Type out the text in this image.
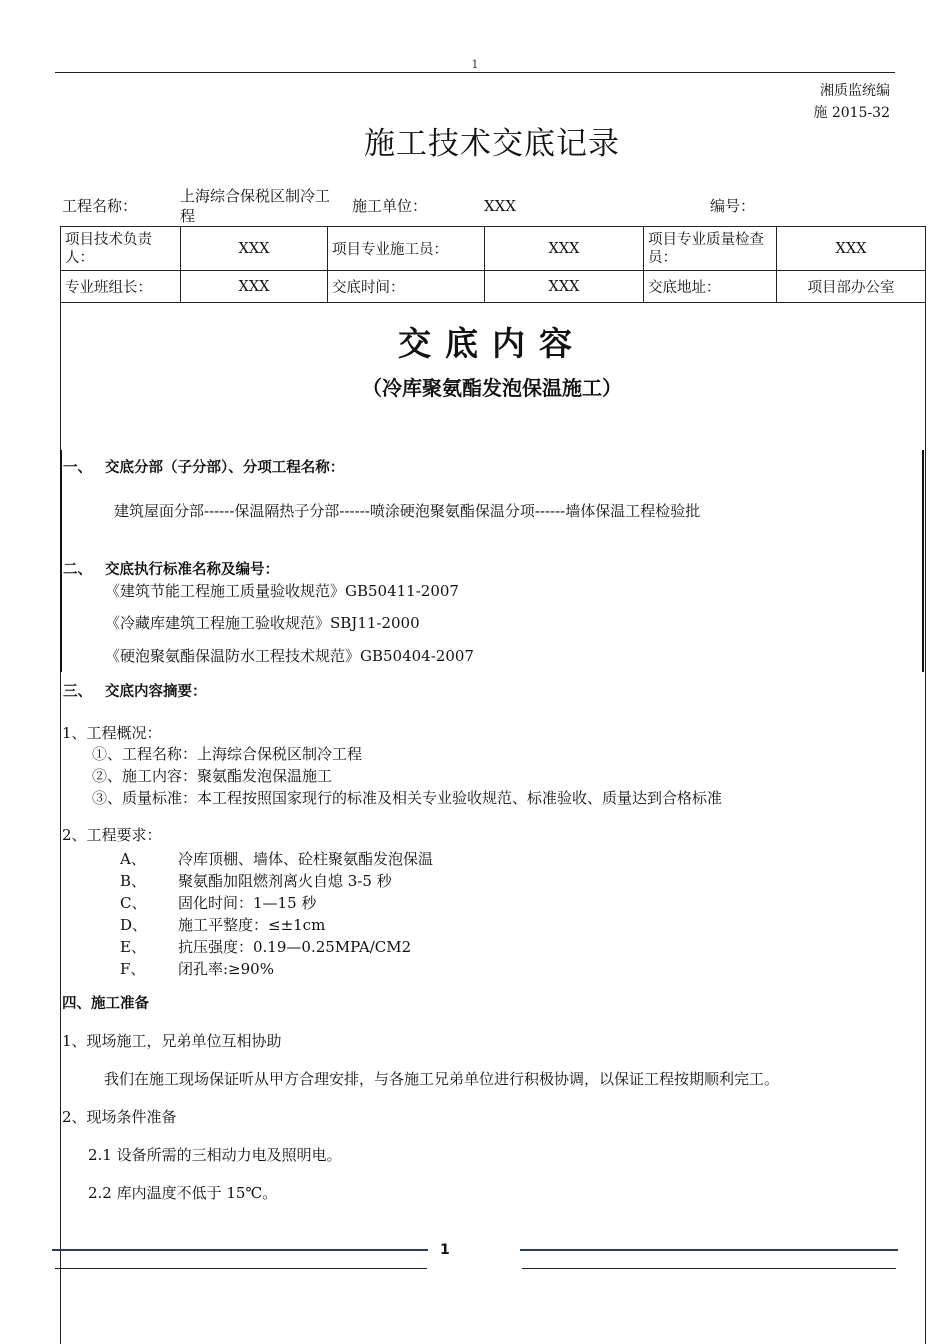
1
湘质监统编
施 2015-32
施工技术交底记录
工程名称：
上海综合保税区制冷工程
施工单位：	XXX	编号：
项目技术负责人：	XXX	项目专业施工员：	XXX	项目专业质量检查员：	XXX
专业班组长：	XXX	交底时间：	XXX	交底地址：	项目部办公室
交底内容
（冷库聚氨酯发泡保温施工）
一、 交底分部（子分部）、分项工程名称：
建筑屋面分部------保温隔热子分部------喷涂硬泡聚氨酯保温分项------墙体保温工程检验批
二、 交底执行标准名称及编号：
《建筑节能工程施工质量验收规范》GB50411-2007
《冷藏库建筑工程施工验收规范》SBJ11-2000
《硬泡聚氨酯保温防水工程技术规范》GB50404-2007
三、 交底内容摘要：
1、工程概况：
①、工程名称：上海综合保税区制冷工程
②、施工内容：聚氨酯发泡保温施工
③、质量标准：本工程按照国家现行的标准及相关专业验收规范、标准验收、质量达到合格标准
2、工程要求：
A、 冷库顶棚、墙体、砼柱聚氨酯发泡保温
B、 聚氨酯加阻燃剂离火自熄 3-5 秒
C、 固化时间：1—15 秒
D、 施工平整度：≤±1cm
E、 抗压强度：0.19—0.25MPA/CM2
F、 闭孔率:≥90%
四、施工准备
1、现场施工，兄弟单位互相协助
我们在施工现场保证听从甲方合理安排，与各施工兄弟单位进行积极协调，以保证工程按期顺利完工。
2、现场条件准备
2.1 设备所需的三相动力电及照明电。
2.2 库内温度不低于 15℃。
1
